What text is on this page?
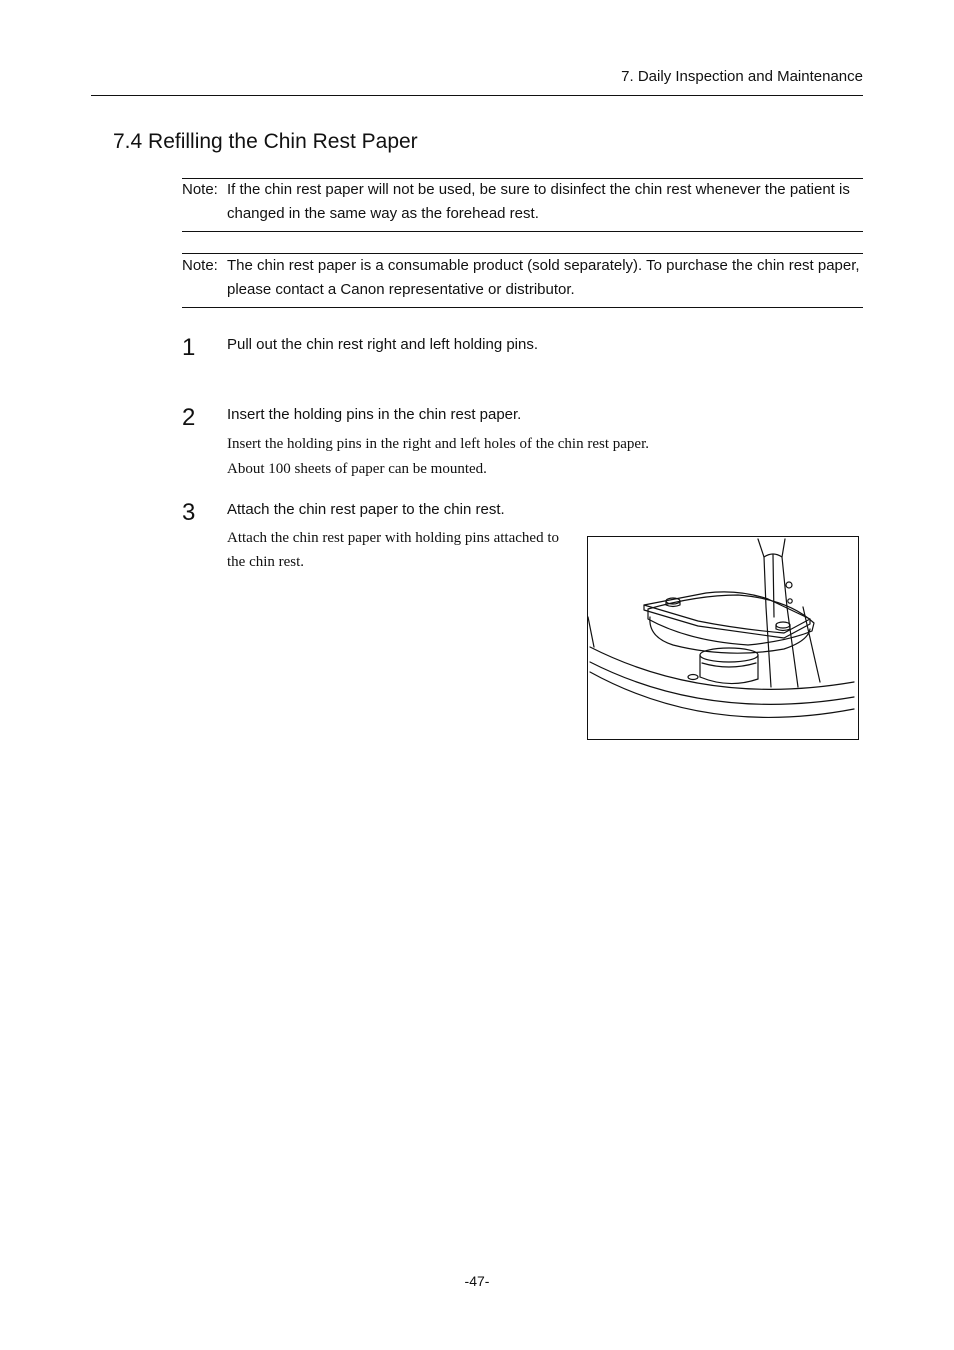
7. Daily Inspection and Maintenance
7.4 Refilling the Chin Rest Paper
Note: If the chin rest paper will not be used, be sure to disinfect the chin rest whenever the patient is changed in the same way as the forehead rest.
Note: The chin rest paper is a consumable product (sold separately). To purchase the chin rest paper, please contact a Canon representative or distributor.
1 Pull out the chin rest right and left holding pins.
2 Insert the holding pins in the chin rest paper.
Insert the holding pins in the right and left holes of the chin rest paper.
About 100 sheets of paper can be mounted.
3 Attach the chin rest paper to the chin rest.
Attach the chin rest paper with holding pins attached to
the chin rest.
-47-
